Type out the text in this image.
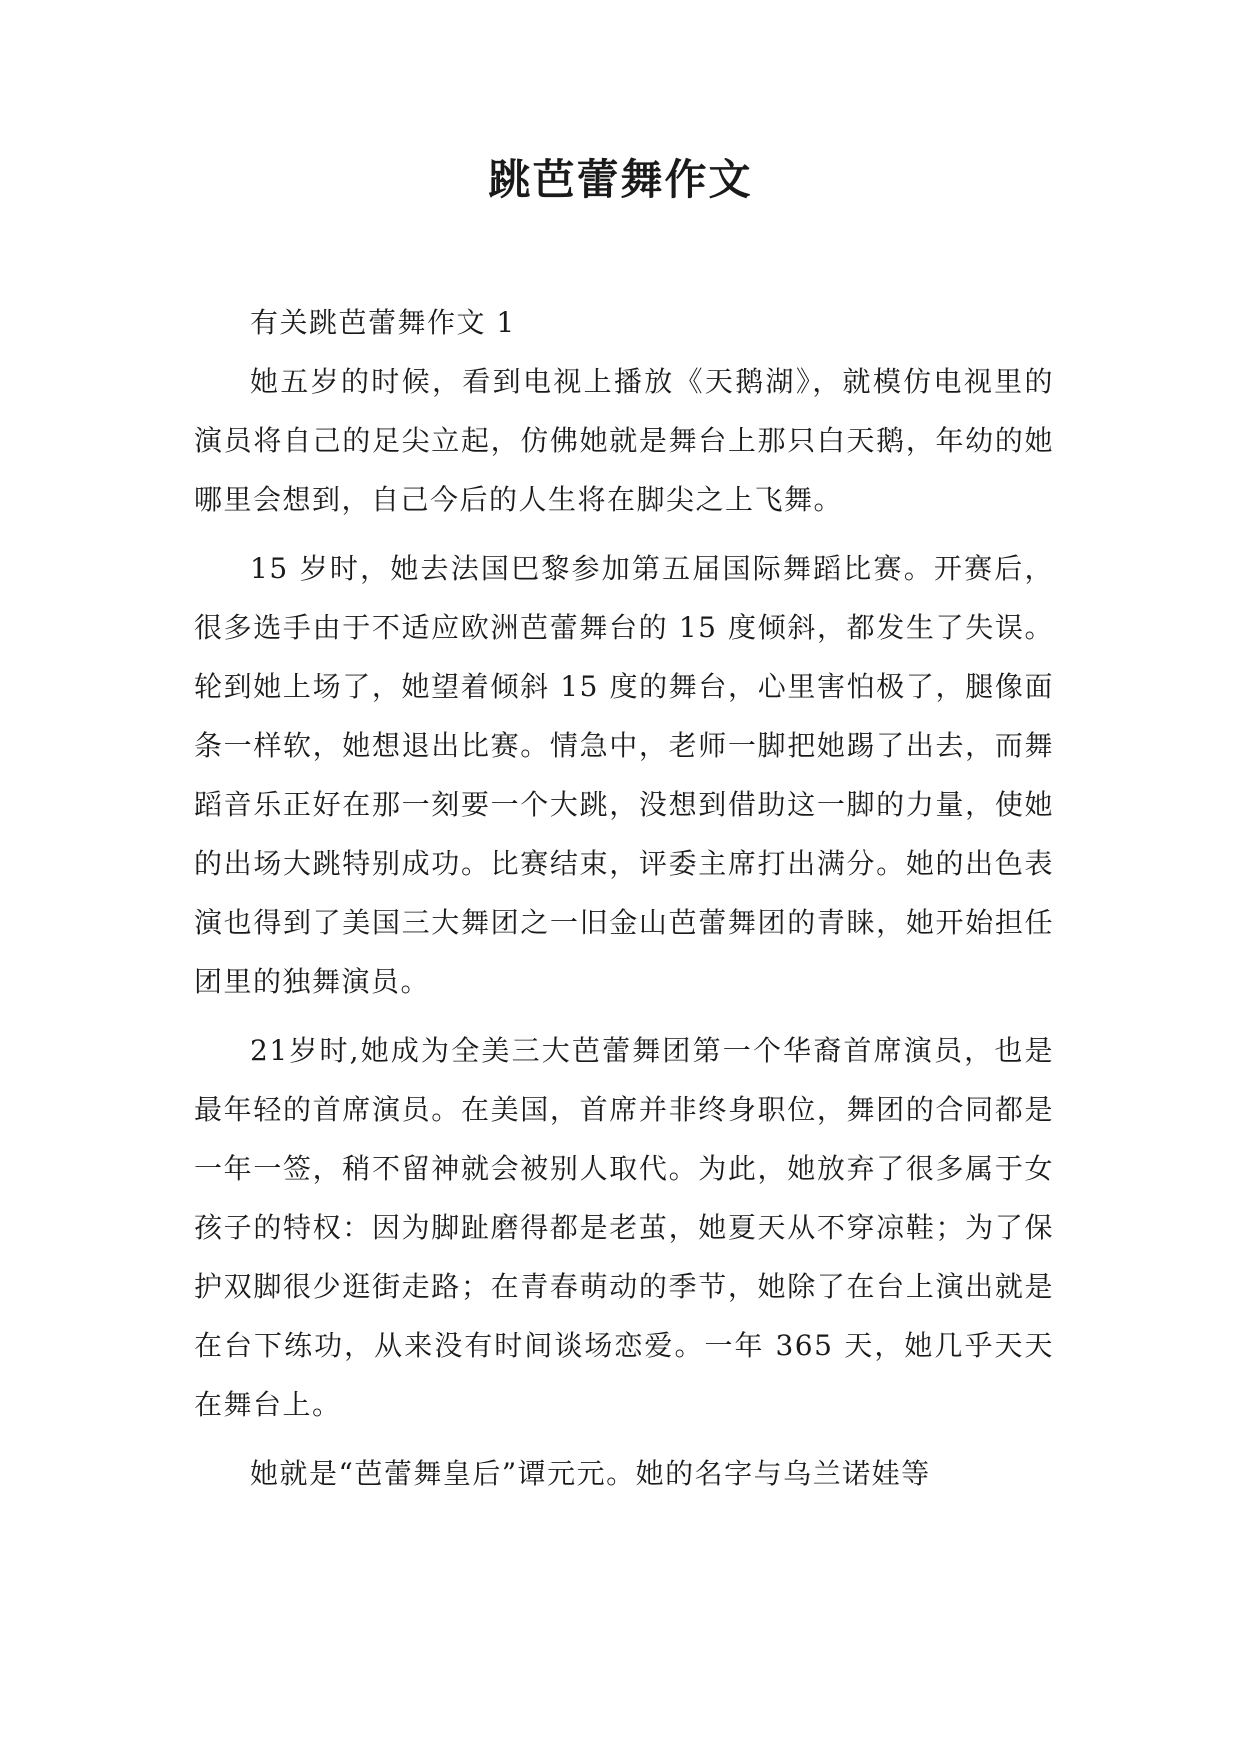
跳芭蕾舞作文

有关跳芭蕾舞作文 1

她五岁的时候，看到电视上播放《天鹅湖》，就模仿电视里的演员将自己的足尖立起，仿佛她就是舞台上那只白天鹅，年幼的她哪里会想到，自己今后的人生将在脚尖之上飞舞。

15 岁时，她去法国巴黎参加第五届国际舞蹈比赛。开赛后，很多选手由于不适应欧洲芭蕾舞台的 15 度倾斜，都发生了失误。轮到她上场了，她望着倾斜 15 度的舞台，心里害怕极了，腿像面条一样软，她想退出比赛。情急中，老师一脚把她踢了出去，而舞蹈音乐正好在那一刻要一个大跳，没想到借助这一脚的力量，使她的出场大跳特别成功。比赛结束，评委主席打出满分。她的出色表演也得到了美国三大舞团之一旧金山芭蕾舞团的青睐，她开始担任团里的独舞演员。

21岁时,她成为全美三大芭蕾舞团第一个华裔首席演员，也是最年轻的首席演员。在美国，首席并非终身职位，舞团的合同都是一年一签，稍不留神就会被别人取代。为此，她放弃了很多属于女孩子的特权：因为脚趾磨得都是老茧，她夏天从不穿凉鞋；为了保护双脚很少逛街走路；在青春萌动的季节，她除了在台上演出就是在台下练功，从来没有时间谈场恋爱。一年 365 天，她几乎天天在舞台上。

她就是“芭蕾舞皇后”谭元元。她的名字与乌兰诺娃等
